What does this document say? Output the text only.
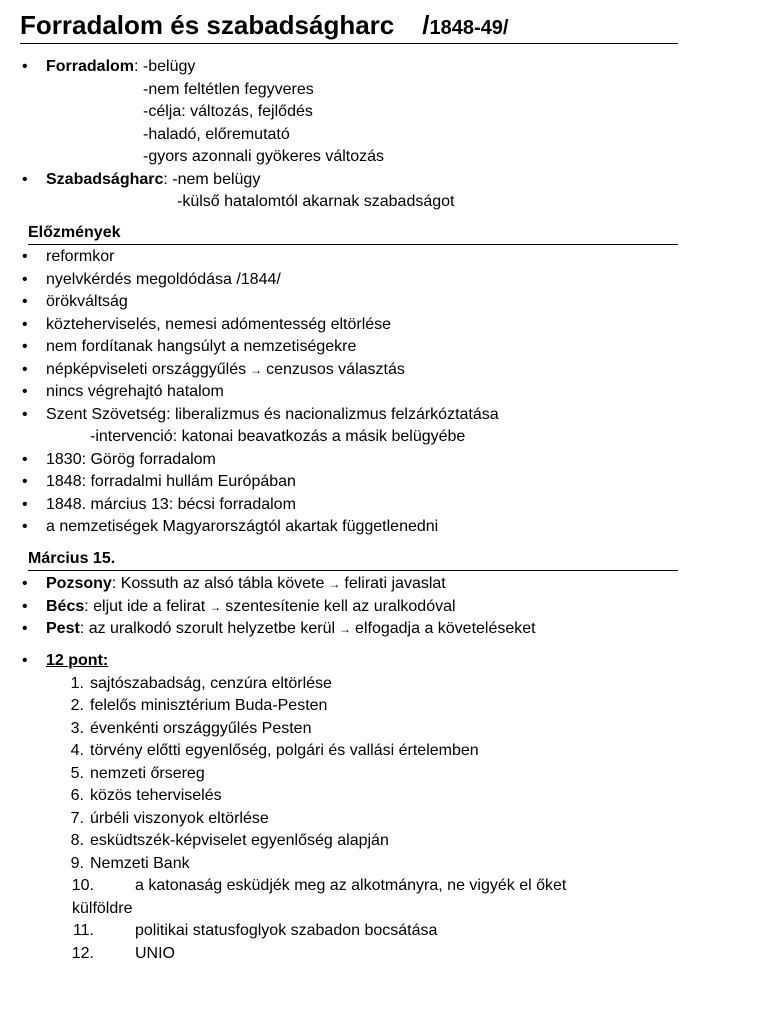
Forradalom és szabadságharc /1848-49/
• Forradalom: -belügy
-nem feltétlen fegyveres
-célja: változás, fejlődés
-haladó, előremutató
-gyors azonnali gyökeres változás
• Szabadságharc: -nem belügy
-külső hatalomtól akarnak szabadságot
Előzmények
• reformkor
• nyelvkérdés megoldódása /1844/
• örökváltság
• közteherviselés, nemesi adómentesség eltörlése
• nem fordítanak hangsúlyt a nemzetiségekre
• népképviseleti országgyűlés → cenzusos választás
• nincs végrehajtó hatalom
• Szent Szövetség: liberalizmus és nacionalizmus felzárkóztatása
-intervenció: katonai beavatkozás a másik belügyébe
• 1830: Görög forradalom
• 1848: forradalmi hullám Európában
• 1848. március 13: bécsi forradalom
• a nemzetiségek Magyarországtól akartak függetlenedni
Március 15.
• Pozsony: Kossuth az alsó tábla követe → felirati javaslat
• Bécs: eljut ide a felirat → szentesítenie kell az uralkodóval
• Pest: az uralkodó szorult helyzetbe kerül → elfogadja a követeléseket
• 12 pont:
1. sajtószabadság, cenzúra eltörlése
2. felelős minisztérium Buda-Pesten
3. évenkénti országgyűlés Pesten
4. törvény előtti egyenlőség, polgári és vallási értelemben
5. nemzeti őrsereg
6. közös teherviselés
7. úrbéli viszonyok eltörlése
8. esküdtszék-képviselet egyenlőség alapján
9. Nemzeti Bank
10.	a katonaság esküdjék meg az alkotmányra, ne vigyék el őket
külföldre
11.	politikai statusfoglyok szabadon bocsátása
12.	UNIO
